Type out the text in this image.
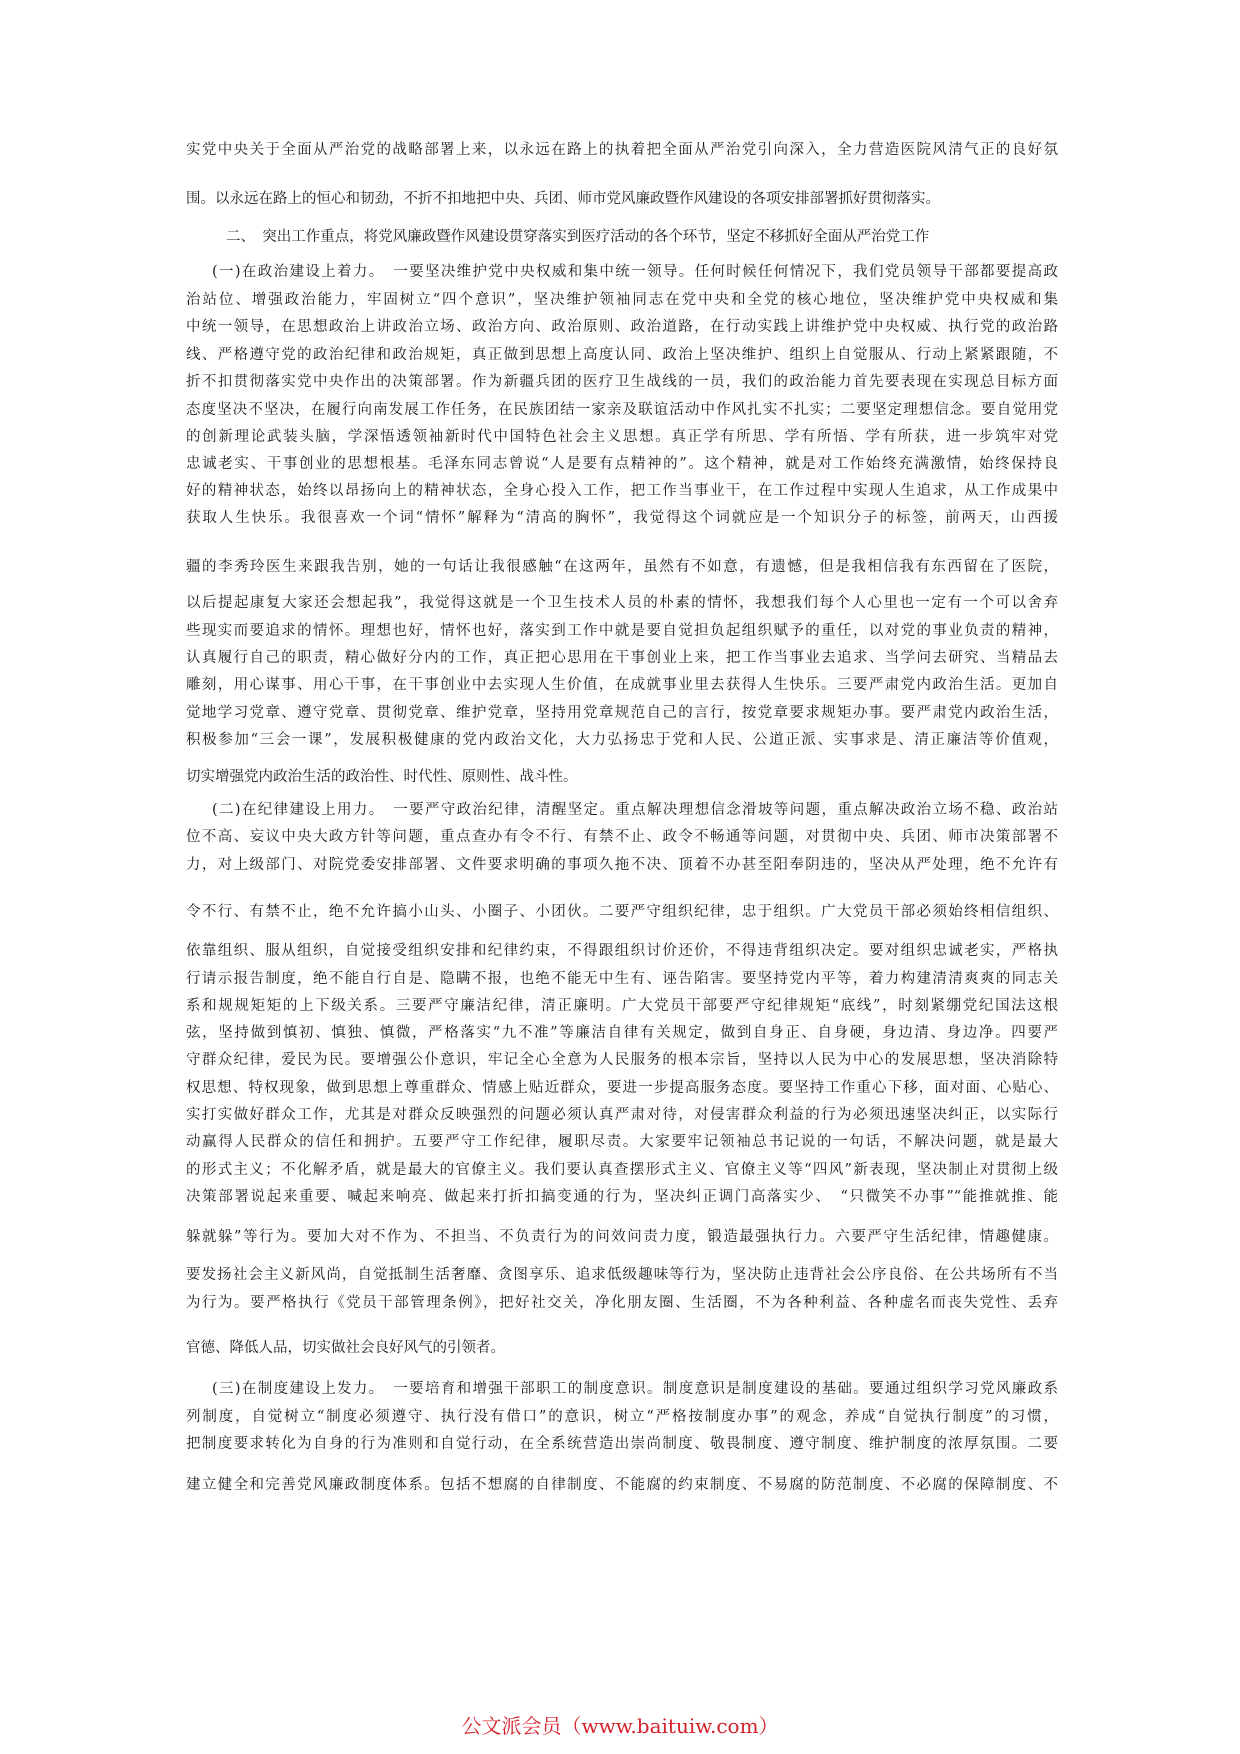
实党中央关于全面从严治党的战略部署上来，以永远在路上的执着把全面从严治党引向深入，全力营造医院风清气正的良好氛
围。以永远在路上的恒心和韧劲，不折不扣地把中央、兵团、师市党风廉政暨作风建设的各项安排部署抓好贯彻落实。
二、　突出工作重点，将党风廉政暨作风建设贯穿落实到医疗活动的各个环节，坚定不移抓好全面从严治党工作
(一)在政治建设上着力。　一要坚决维护党中央权威和集中统一领导。任何时候任何情况下，我们党员领导干部都要提高政
治站位、增强政治能力，牢固树立“四个意识”，坚决维护领袖同志在党中央和全党的核心地位，坚决维护党中央权威和集
中统一领导，在思想政治上讲政治立场、政治方向、政治原则、政治道路，在行动实践上讲维护党中央权威、执行党的政治路
线、严格遵守党的政治纪律和政治规矩，真正做到思想上高度认同、政治上坚决维护、组织上自觉服从、行动上紧紧跟随，不
折不扣贯彻落实党中央作出的决策部署。作为新疆兵团的医疗卫生战线的一员，我们的政治能力首先要表现在实现总目标方面
态度坚决不坚决，在履行向南发展工作任务，在民族团结一家亲及联谊活动中作风扎实不扎实；二要坚定理想信念。要自觉用党
的创新理论武装头脑，学深悟透领袖新时代中国特色社会主义思想。真正学有所思、学有所悟、学有所获，进一步筑牢对党
忠诚老实、干事创业的思想根基。毛泽东同志曾说“人是要有点精神的”。这个精神，就是对工作始终充满激情，始终保持良
好的精神状态，始终以昂扬向上的精神状态，全身心投入工作，把工作当事业干，在工作过程中实现人生追求，从工作成果中
获取人生快乐。我很喜欢一个词“情怀”解释为“清高的胸怀”，我觉得这个词就应是一个知识分子的标签，前两天，山西援
疆的李秀玲医生来跟我告别，她的一句话让我很感触“在这两年，虽然有不如意，有遗憾，但是我相信我有东西留在了医院，
以后提起康复大家还会想起我”，我觉得这就是一个卫生技术人员的朴素的情怀，我想我们每个人心里也一定有一个可以舍弃
些现实而要追求的情怀。理想也好，情怀也好，落实到工作中就是要自觉担负起组织赋予的重任，以对党的事业负责的精神，
认真履行自己的职责，精心做好分内的工作，真正把心思用在干事创业上来，把工作当事业去追求、当学问去研究、当精品去
雕刻，用心谋事、用心干事，在干事创业中去实现人生价值，在成就事业里去获得人生快乐。三要严肃党内政治生活。更加自
觉地学习党章、遵守党章、贯彻党章、维护党章，坚持用党章规范自己的言行，按党章要求规矩办事。要严肃党内政治生活，
积极参加“三会一课”，发展积极健康的党内政治文化，大力弘扬忠于党和人民、公道正派、实事求是、清正廉洁等价值观，
切实增强党内政治生活的政治性、时代性、原则性、战斗性。
(二)在纪律建设上用力。　一要严守政治纪律，清醒坚定。重点解决理想信念滑坡等问题，重点解决政治立场不稳、政治站
位不高、妄议中央大政方针等问题，重点查办有令不行、有禁不止、政令不畅通等问题，对贯彻中央、兵团、师市决策部署不
力，对上级部门、对院党委安排部署、文件要求明确的事项久拖不决、顶着不办甚至阳奉阴违的，坚决从严处理，绝不允许有
令不行、有禁不止，绝不允许搞小山头、小圈子、小团伙。二要严守组织纪律，忠于组织。广大党员干部必须始终相信组织、
依靠组织、服从组织，自觉接受组织安排和纪律约束，不得跟组织讨价还价，不得违背组织决定。要对组织忠诚老实，严格执
行请示报告制度，绝不能自行自是、隐瞒不报，也绝不能无中生有、诬告陷害。要坚持党内平等，着力构建清清爽爽的同志关
系和规规矩矩的上下级关系。三要严守廉洁纪律，清正廉明。广大党员干部要严守纪律规矩“底线”，时刻紧绷党纪国法这根
弦，坚持做到慎初、慎独、慎微，严格落实“九不准”等廉洁自律有关规定，做到自身正、自身硬，身边清、身边净。四要严
守群众纪律，爱民为民。要增强公仆意识，牢记全心全意为人民服务的根本宗旨，坚持以人民为中心的发展思想，坚决消除特
权思想、特权现象，做到思想上尊重群众、情感上贴近群众，要进一步提高服务态度。要坚持工作重心下移，面对面、心贴心、
实打实做好群众工作，尤其是对群众反映强烈的问题必须认真严肃对待，对侵害群众利益的行为必须迅速坚决纠正，以实际行
动赢得人民群众的信任和拥护。五要严守工作纪律，履职尽责。大家要牢记领袖总书记说的一句话，不解决问题，就是最大
的形式主义；不化解矛盾，就是最大的官僚主义。我们要认真查摆形式主义、官僚主义等“四风”新表现，坚决制止对贯彻上级
决策部署说起来重要、喊起来响亮、做起来打折扣搞变通的行为，坚决纠正调门高落实少、　“只微笑不办事”“能推就推、能
躲就躲”等行为。要加大对不作为、不担当、不负责行为的问效问责力度，锻造最强执行力。六要严守生活纪律，情趣健康。
要发扬社会主义新风尚，自觉抵制生活奢靡、贪图享乐、追求低级趣味等行为，坚决防止违背社会公序良俗、在公共场所有不当
为行为。要严格执行《党员干部管理条例》，把好社交关，净化朋友圈、生活圈，不为各种利益、各种虚名而丧失党性、丢弃
官德、降低人品，切实做社会良好风气的引领者。
(三)在制度建设上发力。　一要培育和增强干部职工的制度意识。制度意识是制度建设的基础。要通过组织学习党风廉政系
列制度，自觉树立“制度必须遵守、执行没有借口”的意识，树立“严格按制度办事”的观念，养成“自觉执行制度”的习惯，
把制度要求转化为自身的行为准则和自觉行动，在全系统营造出崇尚制度、敬畏制度、遵守制度、维护制度的浓厚氛围。二要
建立健全和完善党风廉政制度体系。包括不想腐的自律制度、不能腐的约束制度、不易腐的防范制度、不必腐的保障制度、不
公文派会员（www.baituiw.com）
